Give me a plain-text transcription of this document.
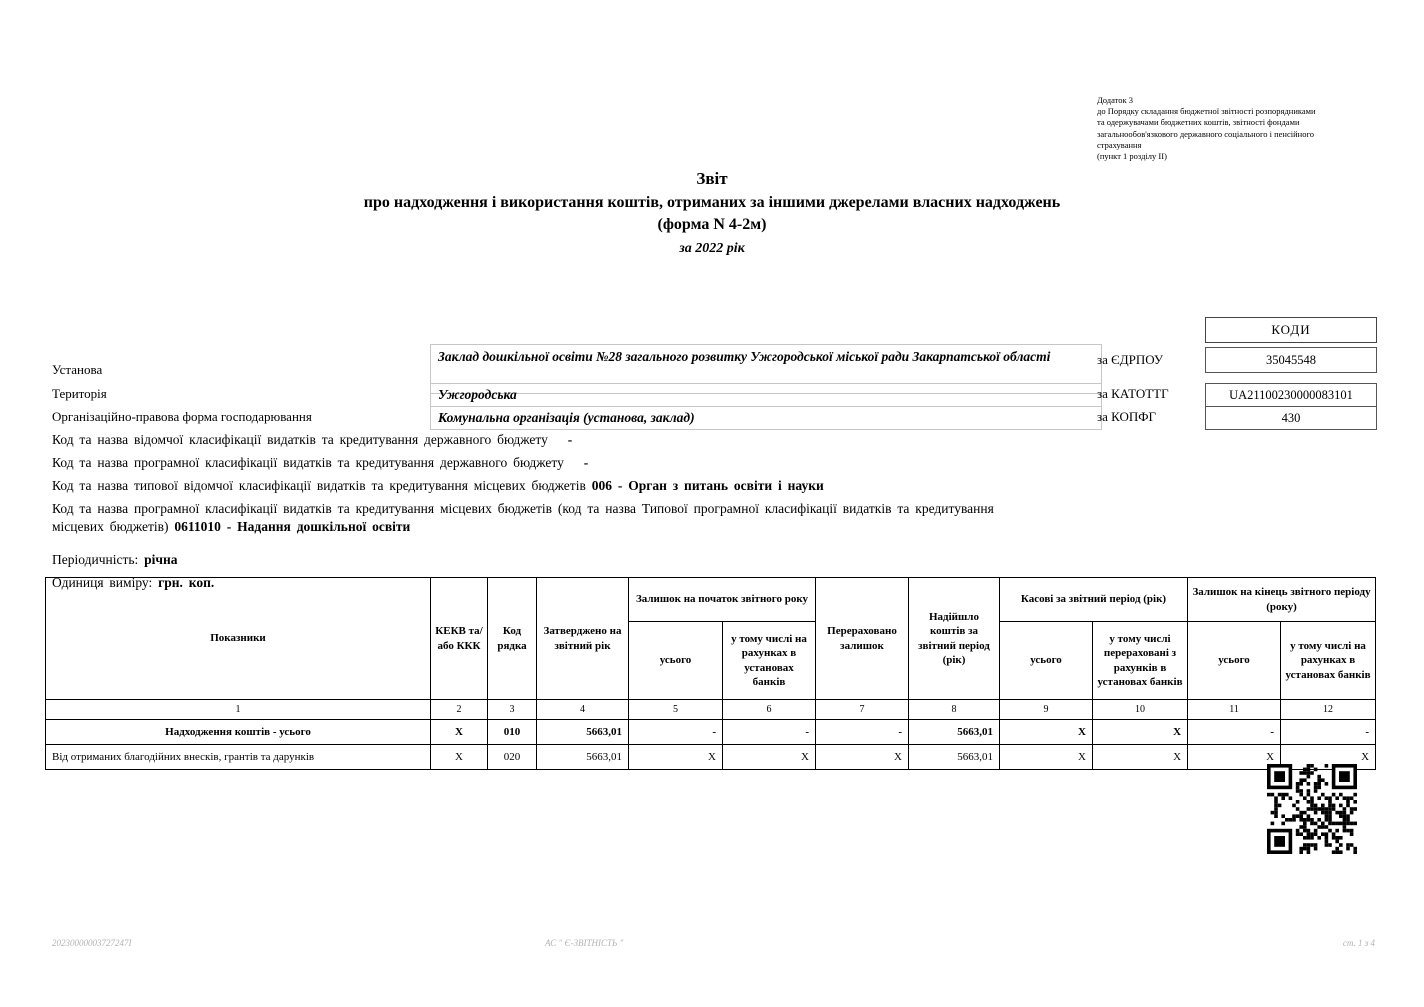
Додаток 3
до Порядку складання бюджетної звітності розпорядниками
та одержувачами бюджетних коштів, звітності фондами
загальнообов'язкового державного соціального і пенсійного
страхування
(пункт 1 розділу ІІ)
Звіт
про надходження і використання коштів, отриманих за іншими джерелами власних надходжень
(форма N 4-2м)
за 2022 рік
КОДИ
Установа
Заклад дошкільної освіти №28 загального розвитку Ужгородської міської ради Закарпатської області	за ЄДРПОУ	35045548
Територія	Ужгородська	за КАТОТТГ	UA21100230000083101
Організаційно-правова форма господарювання	Комунальна організація (установа, заклад)	за КОПФГ	430
Код та назва відомчої класифікації видатків та кредитування державного бюджету -
Код та назва програмної класифікації видатків та кредитування державного бюджету -
Код та назва типової відомчої класифікації видатків та кредитування місцевих бюджетів 006 - Орган з питань освіти і науки
Код та назва програмної класифікації видатків та кредитування місцевих бюджетів (код та назва Типової програмної класифікації видатків та кредитування місцевих бюджетів) 0611010 - Надання дошкільної освіти
Періодичність: річна
Одиниця виміру: грн. коп.
Показники	КЕКВ та/або ККК	Код рядка	Затверджено на звітний рік	Залишок на початок звітного року		Перераховано залишок	Надійшло коштів за звітний період (рік)	Касові за звітний період (рік)		Залишок на кінець звітного періоду (року)	
				усього	у тому числі на рахунках в установах банків			усього	у тому числі перераховані з рахунків в установах банків	усього	у тому числі на рахунках в установах банків
1	2	3	4	5	6	7	8	9	10	11	12
Надходження коштів - усього	X	010	5663,01	-	-	-	5663,01	X	X	-	-
Від отриманих благодійних внесків, грантів та дарунків	X	020	5663,01	X	X	X	5663,01	X	X	X	X
20230000003727247І	АС " Є-ЗВІТНІСТЬ "	ст. 1 з 4
